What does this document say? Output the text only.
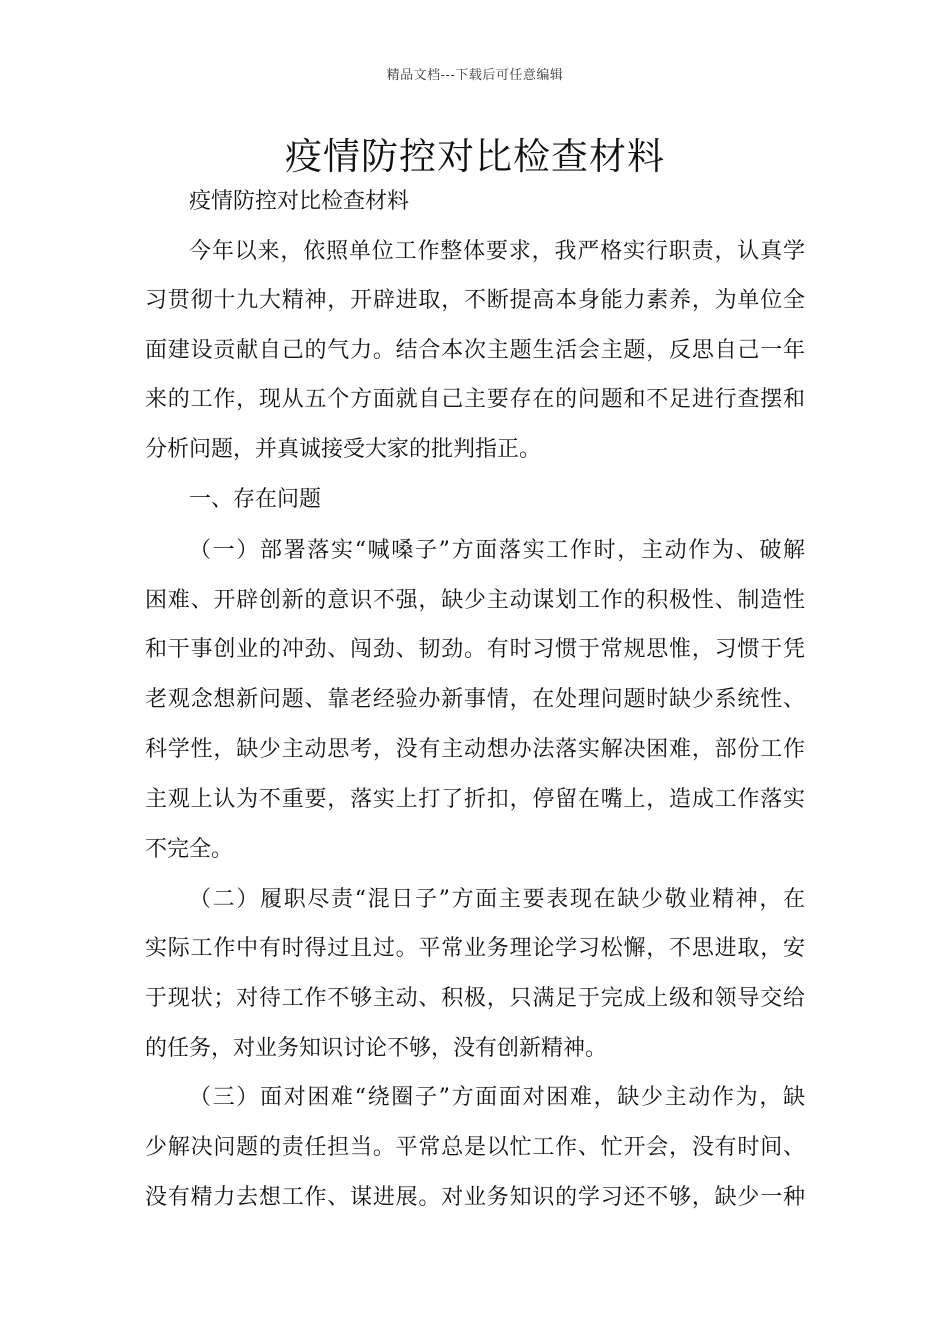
精品文档---下载后可任意编辑
疫情防控对比检查材料
疫情防控对比检查材料
今年以来，依照单位工作整体要求，我严格实行职责，认真学
习贯彻十九大精神，开辟进取，不断提高本身能力素养，为单位全
面建设贡献自己的气力。结合本次主题生活会主题，反思自己一年
来的工作，现从五个方面就自己主要存在的问题和不足进行查摆和
分析问题，并真诚接受大家的批判指正。
一、存在问题
（一）部署落实“喊嗓子”方面落实工作时，主动作为、破解
困难、开辟创新的意识不强，缺少主动谋划工作的积极性、制造性
和干事创业的冲劲、闯劲、韧劲。有时习惯于常规思惟，习惯于凭
老观念想新问题、靠老经验办新事情，在处理问题时缺少系统性、
科学性，缺少主动思考，没有主动想办法落实解决困难，部份工作
主观上认为不重要，落实上打了折扣，停留在嘴上，造成工作落实
不完全。
（二）履职尽责“混日子”方面主要表现在缺少敬业精神，在
实际工作中有时得过且过。平常业务理论学习松懈，不思进取，安
于现状；对待工作不够主动、积极，只满足于完成上级和领导交给
的任务，对业务知识讨论不够，没有创新精神。
（三）面对困难“绕圈子”方面面对困难，缺少主动作为，缺
少解决问题的责任担当。平常总是以忙工作、忙开会，没有时间、
没有精力去想工作、谋进展。对业务知识的学习还不够，缺少一种
